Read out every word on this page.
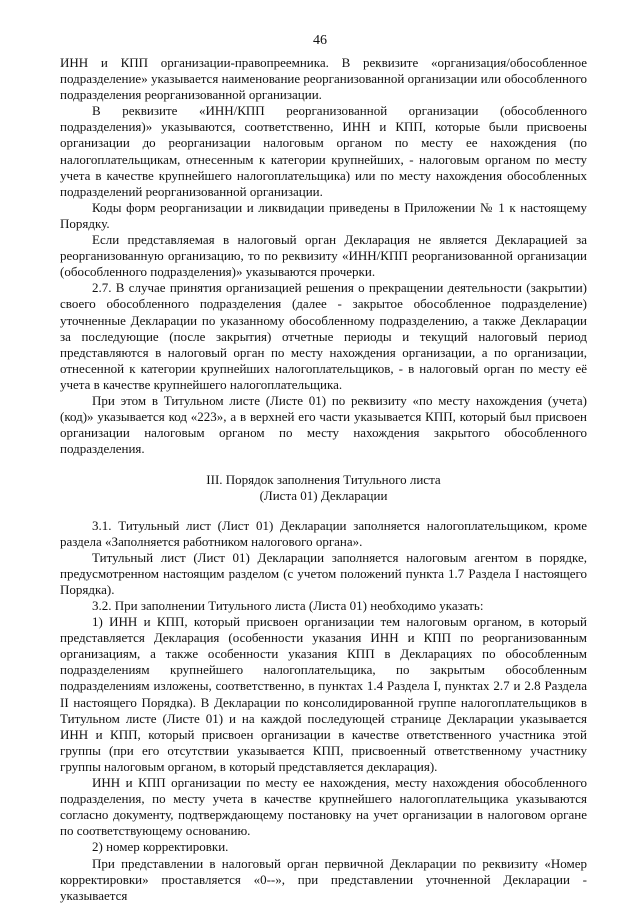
46

ИНН и КПП организации-правопреемника. В реквизите «организация/обособленное подразделение» указывается наименование реорганизованной организации или обособленного подразделения реорганизованной организации.

В реквизите «ИНН/КПП реорганизованной организации (обособленного подразделения)» указываются, соответственно, ИНН и КПП, которые были присвоены организации до реорганизации налоговым органом по месту ее нахождения (по налогоплательщикам, отнесенным к категории крупнейших, - налоговым органом по месту учета в качестве крупнейшего налогоплательщика) или по месту нахождения обособленных подразделений реорганизованной организации.

Коды форм реорганизации и ликвидации приведены в Приложении № 1 к настоящему Порядку.

Если представляемая в налоговый орган Декларация не является Декларацией за реорганизованную организацию, то по реквизиту «ИНН/КПП реорганизованной организации (обособленного подразделения)» указываются прочерки.

2.7. В случае принятия организацией решения о прекращении деятельности (закрытии) своего обособленного подразделения (далее - закрытое обособленное подразделение) уточненные Декларации по указанному обособленному подразделению, а также Декларации за последующие (после закрытия) отчетные периоды и текущий налоговый период представляются в налоговый орган по месту нахождения организации, а по организации, отнесенной к категории крупнейших налогоплательщиков, - в налоговый орган по месту её учета в качестве крупнейшего налогоплательщика.

При этом в Титульном листе (Листе 01) по реквизиту «по месту нахождения (учета) (код)» указывается код «223», а в верхней его части указывается КПП, который был присвоен организации налоговым органом по месту нахождения закрытого обособленного подразделения.

III. Порядок заполнения Титульного листа
(Листа 01) Декларации

3.1. Титульный лист (Лист 01) Декларации заполняется налогоплательщиком, кроме раздела «Заполняется работником налогового органа».

Титульный лист (Лист 01) Декларации заполняется налоговым агентом в порядке, предусмотренном настоящим разделом (с учетом положений пункта 1.7 Раздела I настоящего Порядка).

3.2. При заполнении Титульного листа (Листа 01) необходимо указать:

1) ИНН и КПП, который присвоен организации тем налоговым органом, в который представляется Декларация (особенности указания ИНН и КПП по реорганизованным организациям, а также особенности указания КПП в Декларациях по обособленным подразделениям крупнейшего налогоплательщика, по закрытым обособленным подразделениям изложены, соответственно, в пунктах 1.4 Раздела I, пунктах 2.7 и 2.8 Раздела II настоящего Порядка). В Декларации по консолидированной группе налогоплательщиков в Титульном листе (Листе 01) и на каждой последующей странице Декларации указывается ИНН и КПП, который присвоен организации в качестве ответственного участника этой группы (при его отсутствии указывается КПП, присвоенный ответственному участнику группы налоговым органом, в который представляется декларация).

ИНН и КПП организации по месту ее нахождения, месту нахождения обособленного подразделения, по месту учета в качестве крупнейшего налогоплательщика указываются согласно документу, подтверждающему постановку на учет организации в налоговом органе по соответствующему основанию.

2) номер корректировки.

При представлении в налоговый орган первичной Декларации по реквизиту «Номер корректировки» проставляется «0--», при представлении уточненной Декларации - указывается
